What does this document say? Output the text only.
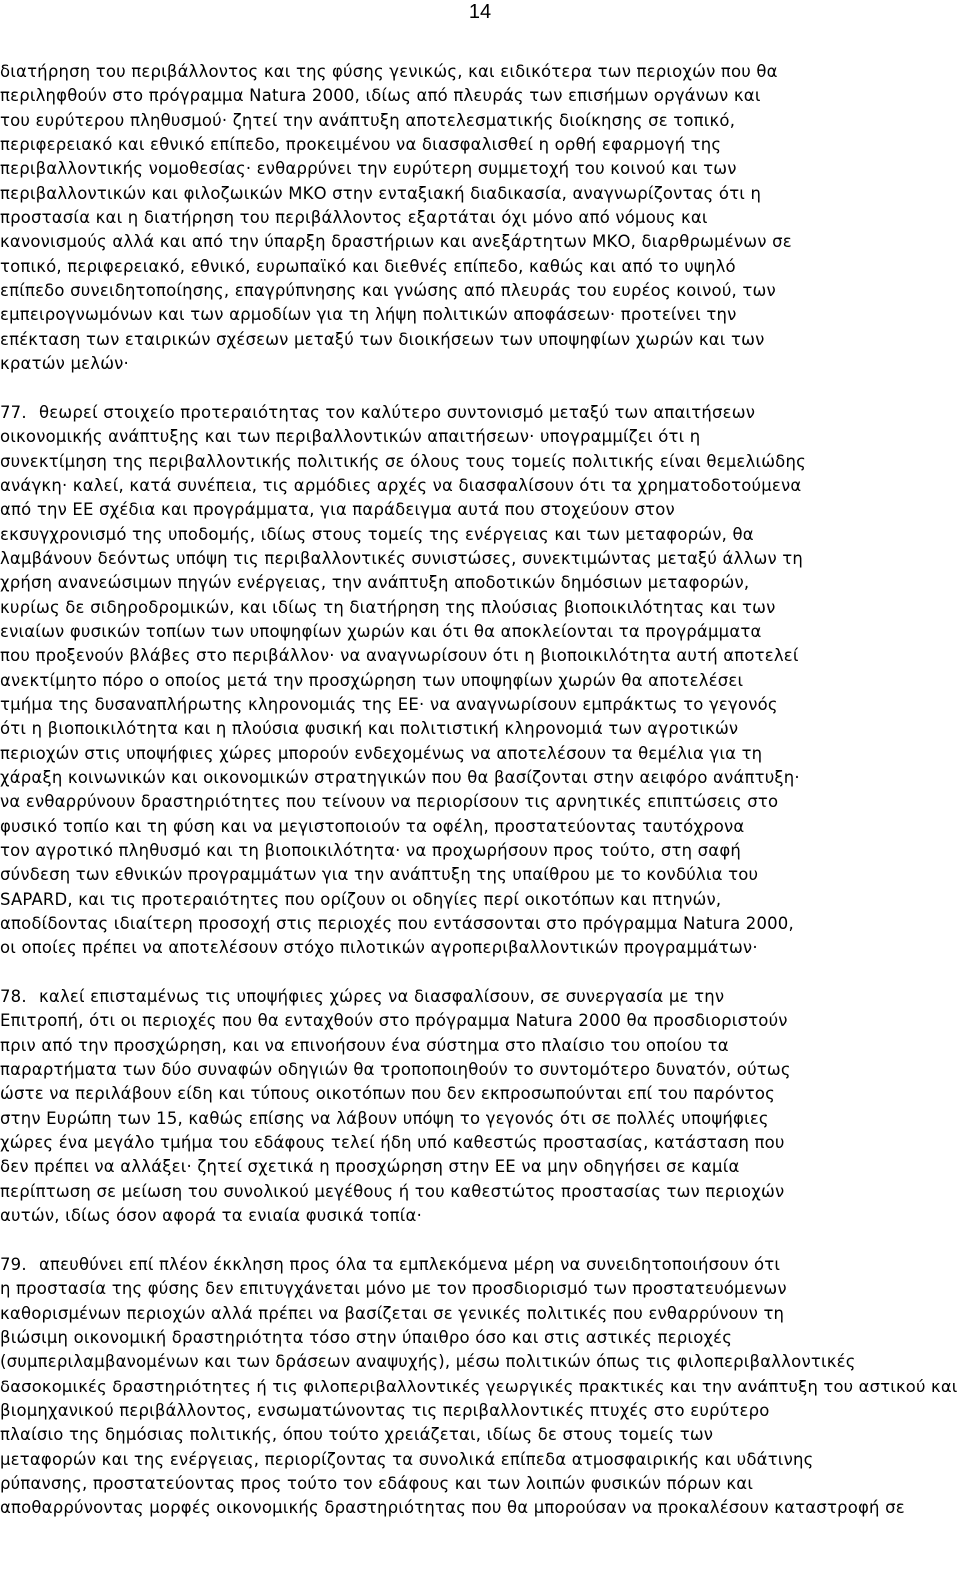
14
διατήρηση του περιβάλλοντος και της φύσης γενικώς, και ειδικότερα των περιοχών που θα
περιληφθούν στο πρόγραμμα Natura 2000, ιδίως από πλευράς των επισήμων οργάνων και
του ευρύτερου πληθυσμού· ζητεί την ανάπτυξη αποτελεσματικής διοίκησης σε τοπικό,
περιφερειακό και εθνικό επίπεδο, προκειμένου να διασφαλισθεί η ορθή εφαρμογή της
περιβαλλοντικής νομοθεσίας· ενθαρρύνει την ευρύτερη συμμετοχή του κοινού και των
περιβαλλοντικών και φιλοζωικών ΜΚΟ στην ενταξιακή διαδικασία, αναγνωρίζοντας ότι η
προστασία και η διατήρηση του περιβάλλοντος εξαρτάται όχι μόνο από νόμους και
κανονισμούς αλλά και από την ύπαρξη δραστήριων και ανεξάρτητων ΜΚΟ, διαρθρωμένων σε
τοπικό, περιφερειακό, εθνικό, ευρωπαϊκό και διεθνές επίπεδο, καθώς και από το υψηλό
επίπεδο συνειδητοποίησης, επαγρύπνησης και γνώσης από πλευράς του ευρέος κοινού, των
εμπειρογνωμόνων και των αρμοδίων για τη λήψη πολιτικών αποφάσεων· προτείνει την
επέκταση των εταιρικών σχέσεων μεταξύ των διοικήσεων των υποψηφίων χωρών και των
κρατών μελών·
77. θεωρεί στοιχείο προτεραιότητας τον καλύτερο συντονισμό μεταξύ των απαιτήσεων
οικονομικής ανάπτυξης και των περιβαλλοντικών απαιτήσεων· υπογραμμίζει ότι η
συνεκτίμηση της περιβαλλοντικής πολιτικής σε όλους τους τομείς πολιτικής είναι θεμελιώδης
ανάγκη· καλεί, κατά συνέπεια, τις αρμόδιες αρχές να διασφαλίσουν ότι τα χρηματοδοτούμενα
από την ΕΕ σχέδια και προγράμματα, για παράδειγμα αυτά που στοχεύουν στον
εκσυγχρονισμό της υποδομής, ιδίως στους τομείς της ενέργειας και των μεταφορών, θα
λαμβάνουν δεόντως υπόψη τις περιβαλλοντικές συνιστώσες, συνεκτιμώντας μεταξύ άλλων τη
χρήση ανανεώσιμων πηγών ενέργειας, την ανάπτυξη αποδοτικών δημόσιων μεταφορών,
κυρίως δε σιδηροδρομικών, και ιδίως τη διατήρηση της πλούσιας βιοποικιλότητας και των
ενιαίων φυσικών τοπίων των υποψηφίων χωρών και ότι θα αποκλείονται τα προγράμματα
που προξενούν βλάβες στο περιβάλλον· να αναγνωρίσουν ότι η βιοποικιλότητα αυτή αποτελεί
ανεκτίμητο πόρο ο οποίος μετά την προσχώρηση των υποψηφίων χωρών θα αποτελέσει
τμήμα της δυσαναπλήρωτης κληρονομιάς της ΕΕ· να αναγνωρίσουν εμπράκτως το γεγονός
ότι η βιοποικιλότητα και η πλούσια φυσική και πολιτιστική κληρονομιά των αγροτικών
περιοχών στις υποψήφιες χώρες μπορούν ενδεχομένως να αποτελέσουν τα θεμέλια για τη
χάραξη κοινωνικών και οικονομικών στρατηγικών που θα βασίζονται στην αειφόρο ανάπτυξη·
να ενθαρρύνουν δραστηριότητες που τείνουν να περιορίσουν τις αρνητικές επιπτώσεις στο
φυσικό τοπίο και τη φύση και να μεγιστοποιούν τα οφέλη, προστατεύοντας ταυτόχρονα
τον αγροτικό πληθυσμό και τη βιοποικιλότητα· να προχωρήσουν προς τούτο, στη σαφή
σύνδεση των εθνικών προγραμμάτων για την ανάπτυξη της υπαίθρου με το κονδύλια του
SAPARD, και τις προτεραιότητες που ορίζουν οι οδηγίες περί οικοτόπων και πτηνών,
αποδίδοντας ιδιαίτερη προσοχή στις περιοχές που εντάσσονται στο πρόγραμμα Natura 2000,
οι οποίες πρέπει να αποτελέσουν στόχο πιλοτικών αγροπεριβαλλοντικών προγραμμάτων·
78. καλεί επισταμένως τις υποψήφιες χώρες να διασφαλίσουν, σε συνεργασία με την
Επιτροπή, ότι οι περιοχές που θα ενταχθούν στο πρόγραμμα Natura 2000 θα προσδιοριστούν
πριν από την προσχώρηση, και να επινοήσουν ένα σύστημα στο πλαίσιο του οποίου τα
παραρτήματα των δύο συναφών οδηγιών θα τροποποιηθούν το συντομότερο δυνατόν, ούτως
ώστε να περιλάβουν είδη και τύπους οικοτόπων που δεν εκπροσωπούνται επί του παρόντος
στην Ευρώπη των 15, καθώς επίσης να λάβουν υπόψη το γεγονός ότι σε πολλές υποψήφιες
χώρες ένα μεγάλο τμήμα του εδάφους τελεί ήδη υπό καθεστώς προστασίας, κατάσταση που
δεν πρέπει να αλλάξει· ζητεί σχετικά η προσχώρηση στην ΕΕ να μην οδηγήσει σε καμία
περίπτωση σε μείωση του συνολικού μεγέθους ή του καθεστώτος προστασίας των περιοχών
αυτών, ιδίως όσον αφορά τα ενιαία φυσικά τοπία·
79. απευθύνει επί πλέον έκκληση προς όλα τα εμπλεκόμενα μέρη να συνειδητοποιήσουν ότι
η προστασία της φύσης δεν επιτυγχάνεται μόνο με τον προσδιορισμό των προστατευόμενων
καθορισμένων περιοχών αλλά πρέπει να βασίζεται σε γενικές πολιτικές που ενθαρρύνουν τη
βιώσιμη οικονομική δραστηριότητα τόσο στην ύπαιθρο όσο και στις αστικές περιοχές
(συμπεριλαμβανομένων και των δράσεων αναψυχής), μέσω πολιτικών όπως τις φιλοπεριβαλλοντικές
δασοκομικές δραστηριότητες ή τις φιλοπεριβαλλοντικές γεωργικές πρακτικές και την ανάπτυξη του αστικού και
βιομηχανικού περιβάλλοντος, ενσωματώνοντας τις περιβαλλοντικές πτυχές στο ευρύτερο
πλαίσιο της δημόσιας πολιτικής, όπου τούτο χρειάζεται, ιδίως δε στους τομείς των
μεταφορών και της ενέργειας, περιορίζοντας τα συνολικά επίπεδα ατμοσφαιρικής και υδάτινης
ρύπανσης, προστατεύοντας προς τούτο τον εδάφους και των λοιπών φυσικών πόρων και
αποθαρρύνοντας μορφές οικονομικής δραστηριότητας που θα μπορούσαν να προκαλέσουν καταστροφή σε
